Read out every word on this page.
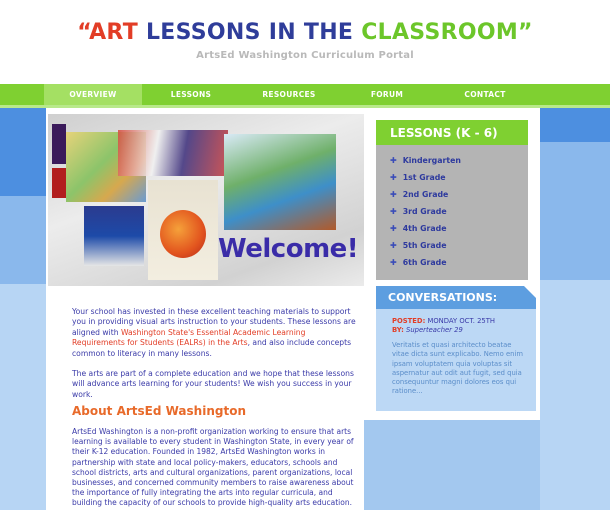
“ART LESSONS IN THE CLASSROOM”
ArtsEd Washington Curriculum Portal
OVERVIEW	LESSONS	RESOURCES	FORUM	CONTACT
Welcome!

Your school has invested in these excellent teaching materials to support you in providing visual arts instruction to your students. These lessons are aligned with Washington State's Essential Academic Learning Requirements for Students (EALRs) in the Arts, and also include concepts common to literacy in many lessons.

The arts are part of a complete education and we hope that these lessons will advance arts learning for your students! We wish you success in your work.

About ArtsEd Washington
ArtsEd Washington is a non-profit organization working to ensure that arts learning is available to every student in Washington State, in every year of their K-12 education. Founded in 1982, ArtsEd Washington works in partnership with state and local policy-makers, educators, schools and school districts, arts and cultural organizations, parent organizations, local businesses, and concerned community members to raise awareness about the importance of fully integrating the arts into regular curricula, and building the capacity of our schools to provide high-quality arts education.
LESSONS (K - 6)
✚ Kindergarten
✚ 1st Grade
✚ 2nd Grade
✚ 3rd Grade
✚ 4th Grade
✚ 5th Grade
✚ 6th Grade
CONVERSATIONS:
POSTED: MONDAY OCT. 25TH
BY: Superteacher 29
Veritatis et quasi architecto beatae vitae dicta sunt explicabo. Nemo enim ipsam voluptatem quia voluptas sit aspernatur aut odit aut fugit, sed quia consequuntur magni dolores eos qui ratione...
